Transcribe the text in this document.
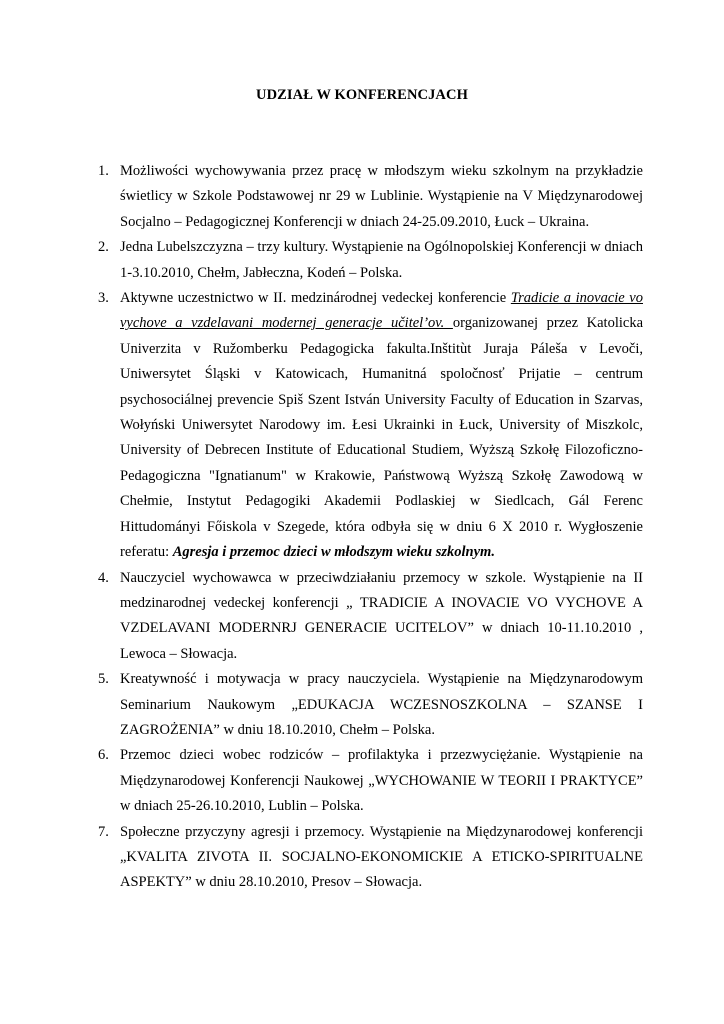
UDZIAŁ W KONFERENCJACH
1. Możliwości wychowywania przez pracę w młodszym wieku szkolnym na przykładzie świetlicy w Szkole Podstawowej nr 29 w Lublinie. Wystąpienie na V Międzynarodowej Socjalno – Pedagogicznej Konferencji w dniach 24-25.09.2010, Łuck – Ukraina.
2. Jedna Lubelszczyzna – trzy kultury. Wystąpienie na Ogólnopolskiej Konferencji w dniach 1-3.10.2010, Chełm, Jabłeczna, Kodeń – Polska.
3. Aktywne uczestnictwo w II. medzinárodnej vedeckej konferencie Tradicie a inovacie vo vychove a vzdelavani modernej generacje učitel’ov. organizowanej przez Katolicka Univerzita v Ružomberku Pedagogicka fakulta.Inštitùt Juraja Páleša v Levoči, Uniwersytet Śląski v Katowicach, Humanitná spoločnosť Prijatie – centrum psychosociálnej prevencie Spiš Szent István University Faculty of Education in Szarvas, Wołyński Uniwersytet Narodowy im. Łesi Ukrainki in Łuck, University of Miszkolc, University of Debrecen Institute of Educational Studiem, Wyższą Szkołę Filozoficzno-Pedagogiczna "Ignatianum" w Krakowie, Państwową Wyższą Szkołę Zawodową w Chełmie, Instytut Pedagogiki Akademii Podlaskiej w Siedlcach, Gál Ferenc Hittudományi Főiskola v Szegede, która odbyła się w dniu 6 X 2010 r. Wygłoszenie referatu: Agresja i przemoc dzieci w młodszym wieku szkolnym.
4. Nauczyciel wychowawca w przeciwdziałaniu przemocy w szkole. Wystąpienie na II medzinarodnej vedeckej konferencji „ TRADICIE A INOVACIE VO VYCHOVE A VZDELAVANI MODERNRJ GENERACIE UCITELOV” w dniach 10-11.10.2010 , Lewoca – Słowacja.
5. Kreatywność i motywacja w pracy nauczyciela. Wystąpienie na Międzynarodowym Seminarium Naukowym „EDUKACJA WCZESNOSZKOLNA – SZANSE I ZAGROŻENIA” w dniu 18.10.2010, Chełm – Polska.
6. Przemoc dzieci wobec rodziców – profilaktyka i przezwyciężanie. Wystąpienie na Międzynarodowej Konferencji Naukowej „WYCHOWANIE W TEORII I PRAKTYCE” w dniach 25-26.10.2010, Lublin – Polska.
7. Społeczne przyczyny agresji i przemocy. Wystąpienie na Międzynarodowej konferencji „KVALITA ZIVOTA II. SOCJALNO-EKONOMICKIE A ETICKO-SPIRITUALNE ASPEKTY” w dniu 28.10.2010, Presov – Słowacja.
